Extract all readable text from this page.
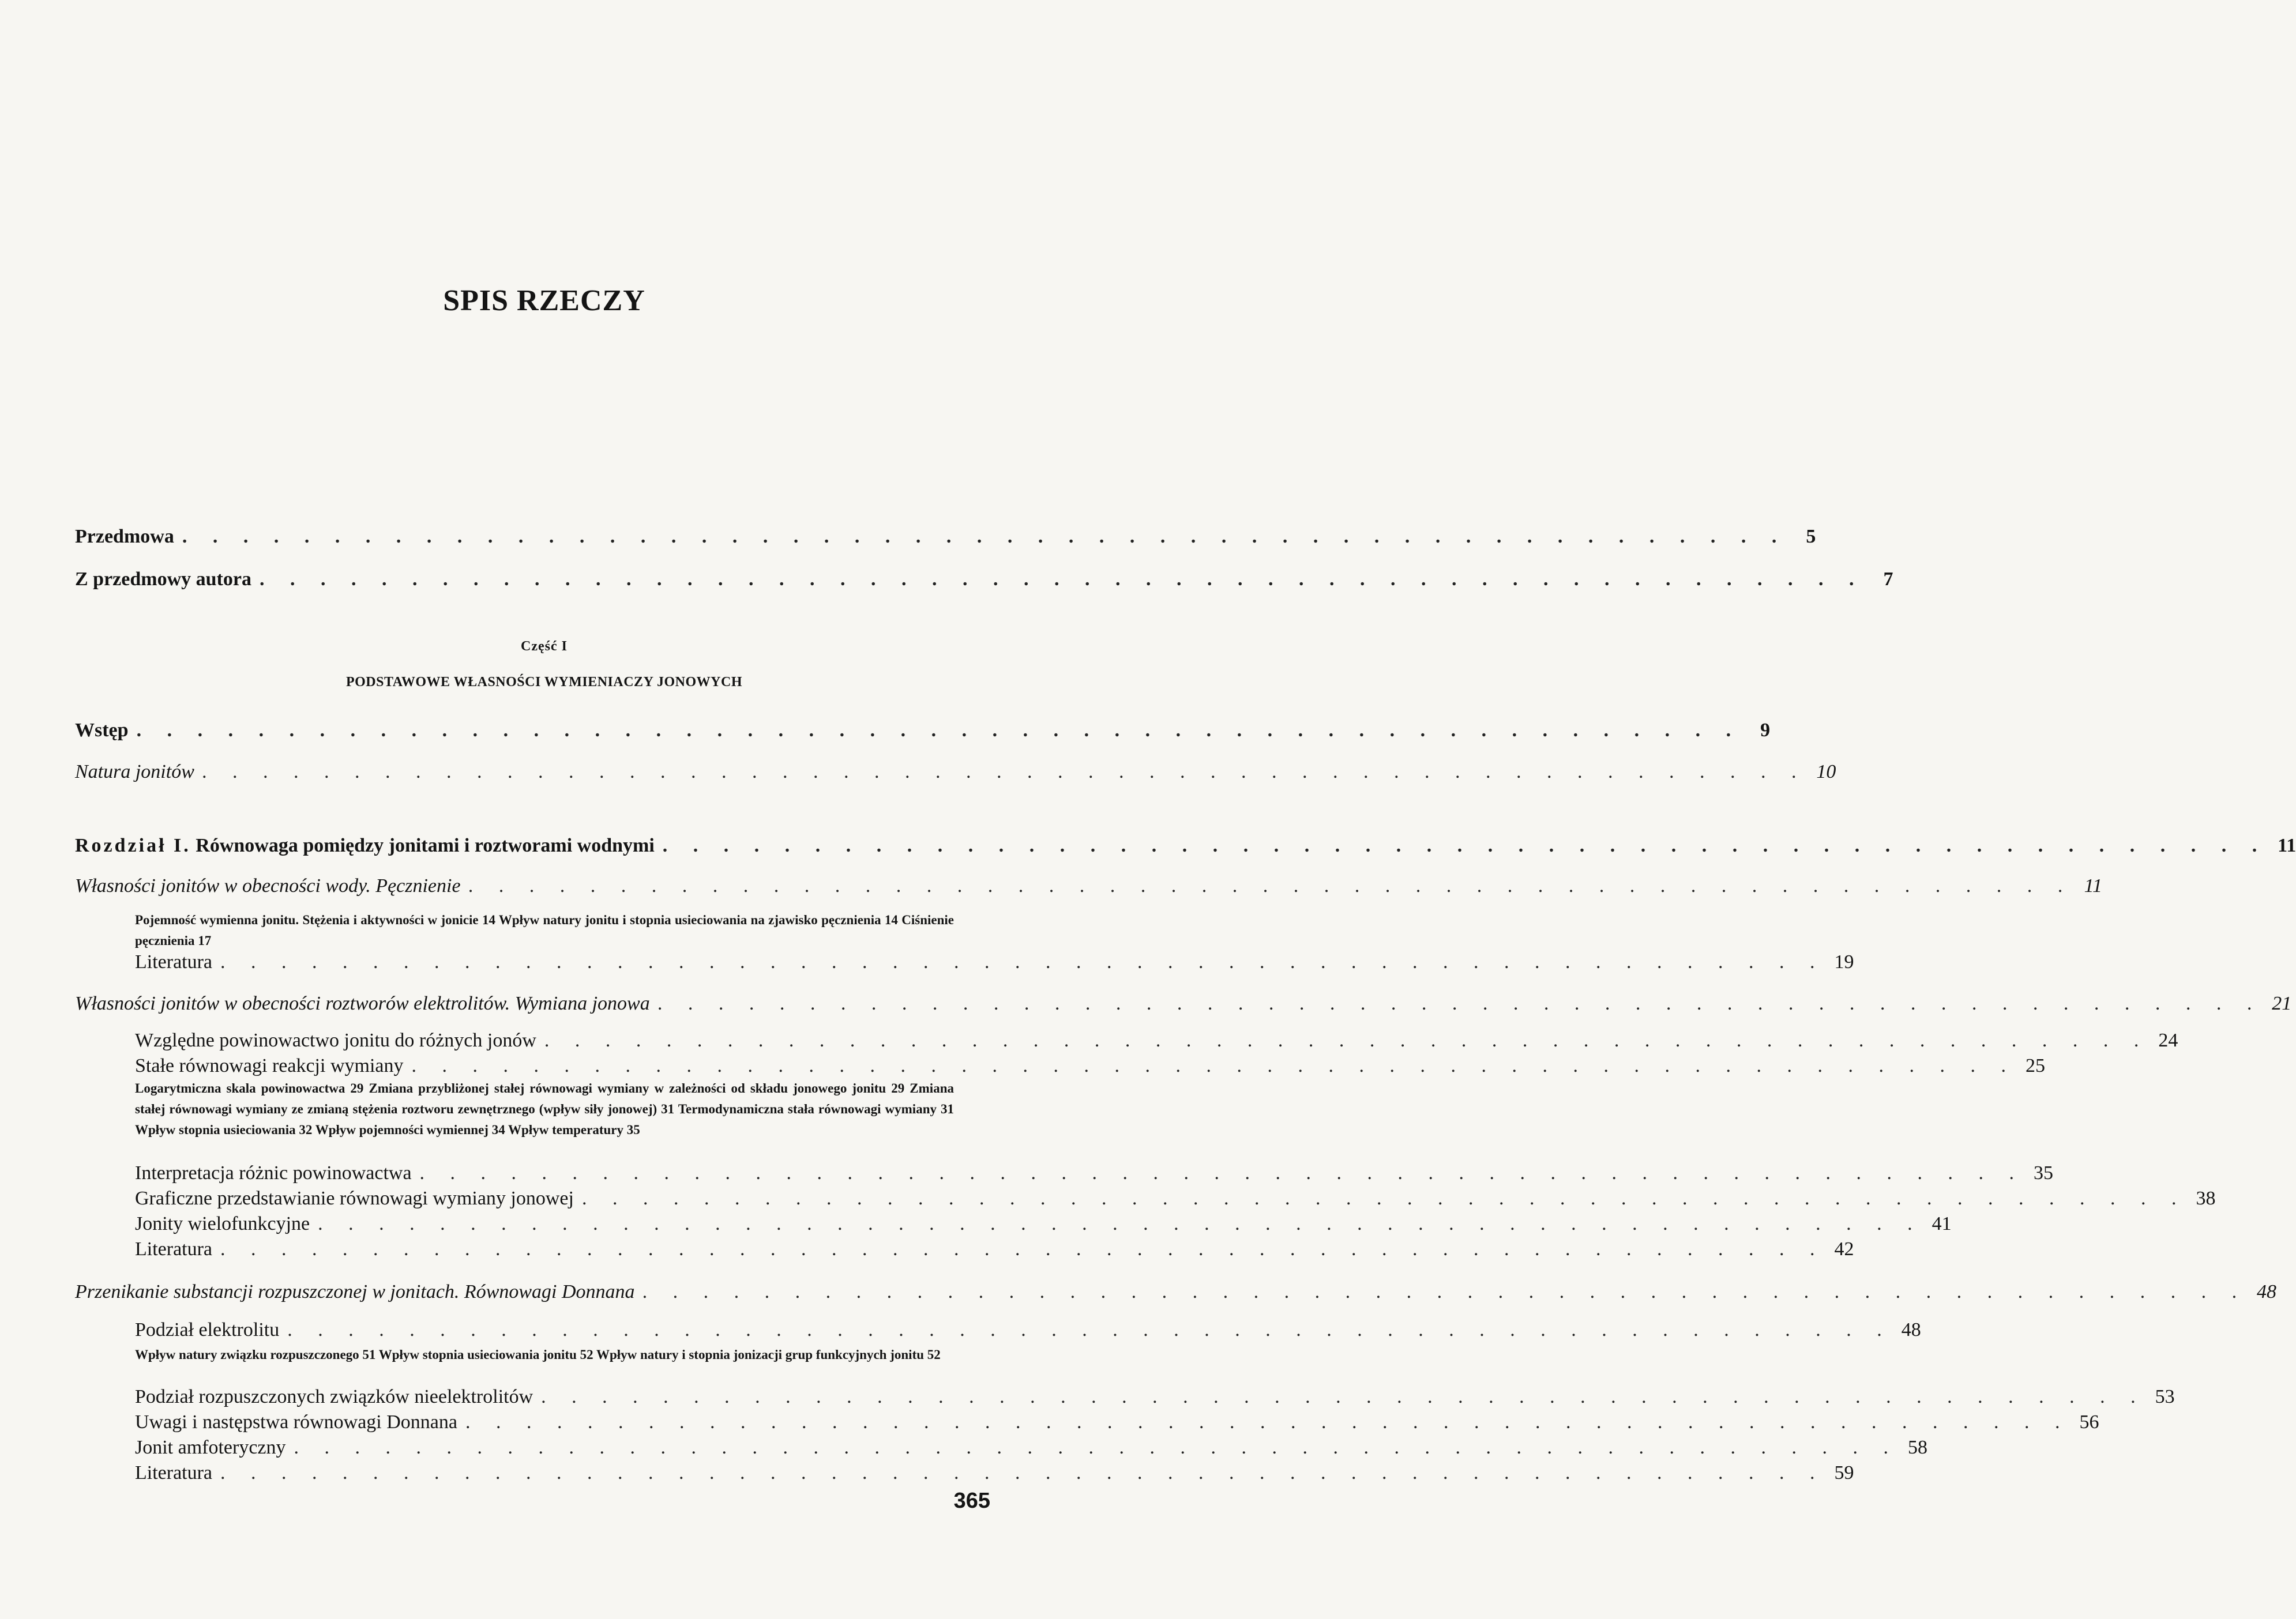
SPIS RZECZY
Przedmowa . . . . . . . . . . . . . . . . . . . . . . . . . . . . . . . . . . . . . . . . . . . . . . . . . . . . . 5
Z przedmowy autora . . . . . . . . . . . . . . . . . . . . . . . . . . . . . . . . . . . . . . . . . . . . . . . . . . . . . 7
Część I
PODSTAWOWE WŁASNOŚCI WYMIENIACZY JONOWYCH
Wstęp . . . . . . . . . . . . . . . . . . . . . . . . . . . . . . . . . . . . . . . . . . . . . . . . . . . . . 9
Natura jonitów . . . . . . . . . . . . . . . . . . . . . . . . . . . . . . . . . . . . . . . . . . . . . . . . . . . . . 10
Rozdział I. Równowaga pomiędzy jonitami i roztworami wodnymi . . . . . . . . . . . . . . . . . . . . . . . . . . . . . . . . . . . . . . . . . . . . . . . . . . . . . 11
Własności jonitów w obecności wody. Pęcznienie . . . . . . . . . . . . . . . . . . . . . . . . . . . . . . . . . . . . . . . . . . . . . . . . . . . . . 11
Pojemność wymienna jonitu. Stężenia i aktywności w jonicie 14 Wpływ natury jonitu i stopnia usieciowania na zjawisko pęcznienia 14 Ciśnienie pęcznienia 17
Literatura . . . . . . . . . . . . . . . . . . . . . . . . . . . . . . . . . . . . . . . . . . . . . . . . . . . . . 19
Własności jonitów w obecności roztworów elektrolitów. Wymiana jonowa . . . . . . . . . . . . . . . . . . . . . . . . . . . . . . . . . . . . . . . . . . . . . . . . . . . . . 21
Względne powinowactwo jonitu do różnych jonów . . . . . . . . . . . . . . . . . . . . . . . . . . . . . . . . . . . . . . . . . . . . . . . . . . . . . 24
Stałe równowagi reakcji wymiany . . . . . . . . . . . . . . . . . . . . . . . . . . . . . . . . . . . . . . . . . . . . . . . . . . . . . 25
Logarytmiczna skala powinowactwa 29 Zmiana przybliżonej stałej równowagi wymiany w zależności od składu jonowego jonitu 29 Zmiana stałej równowagi wymiany ze zmianą stężenia roztworu zewnętrznego (wpływ siły jonowej) 31 Termodynamiczna stała równowagi wymiany 31 Wpływ stopnia usieciowania 32 Wpływ pojemności wymiennej 34 Wpływ temperatury 35
Interpretacja różnic powinowactwa . . . . . . . . . . . . . . . . . . . . . . . . . . . . . . . . . . . . . . . . . . . . . . . . . . . . . 35
Graficzne przedstawianie równowagi wymiany jonowej . . . . . . . . . . . . . . . . . . . . . . . . . . . . . . . . . . . . . . . . . . . . . . . . . . . . . 38
Jonity wielofunkcyjne . . . . . . . . . . . . . . . . . . . . . . . . . . . . . . . . . . . . . . . . . . . . . . . . . . . . . 41
Literatura . . . . . . . . . . . . . . . . . . . . . . . . . . . . . . . . . . . . . . . . . . . . . . . . . . . . . 42
Przenikanie substancji rozpuszczonej w jonitach. Równowagi Donnana . . . . . . . . . . . . . . . . . . . . . . . . . . . . . . . . . . . . . . . . . . . . . . . . . . . . . 48
Podział elektrolitu . . . . . . . . . . . . . . . . . . . . . . . . . . . . . . . . . . . . . . . . . . . . . . . . . . . . . 48
Wpływ natury związku rozpuszczonego 51 Wpływ stopnia usieciowania jonitu 52 Wpływ natury i stopnia jonizacji grup funkcyjnych jonitu 52
Podział rozpuszczonych związków nieelektrolitów . . . . . . . . . . . . . . . . . . . . . . . . . . . . . . . . . . . . . . . . . . . . . . . . . . . . . 53
Uwagi i następstwa równowagi Donnana . . . . . . . . . . . . . . . . . . . . . . . . . . . . . . . . . . . . . . . . . . . . . . . . . . . . . 56
Jonit amfoteryczny . . . . . . . . . . . . . . . . . . . . . . . . . . . . . . . . . . . . . . . . . . . . . . . . . . . . . 58
Literatura . . . . . . . . . . . . . . . . . . . . . . . . . . . . . . . . . . . . . . . . . . . . . . . . . . . . . 59
365
